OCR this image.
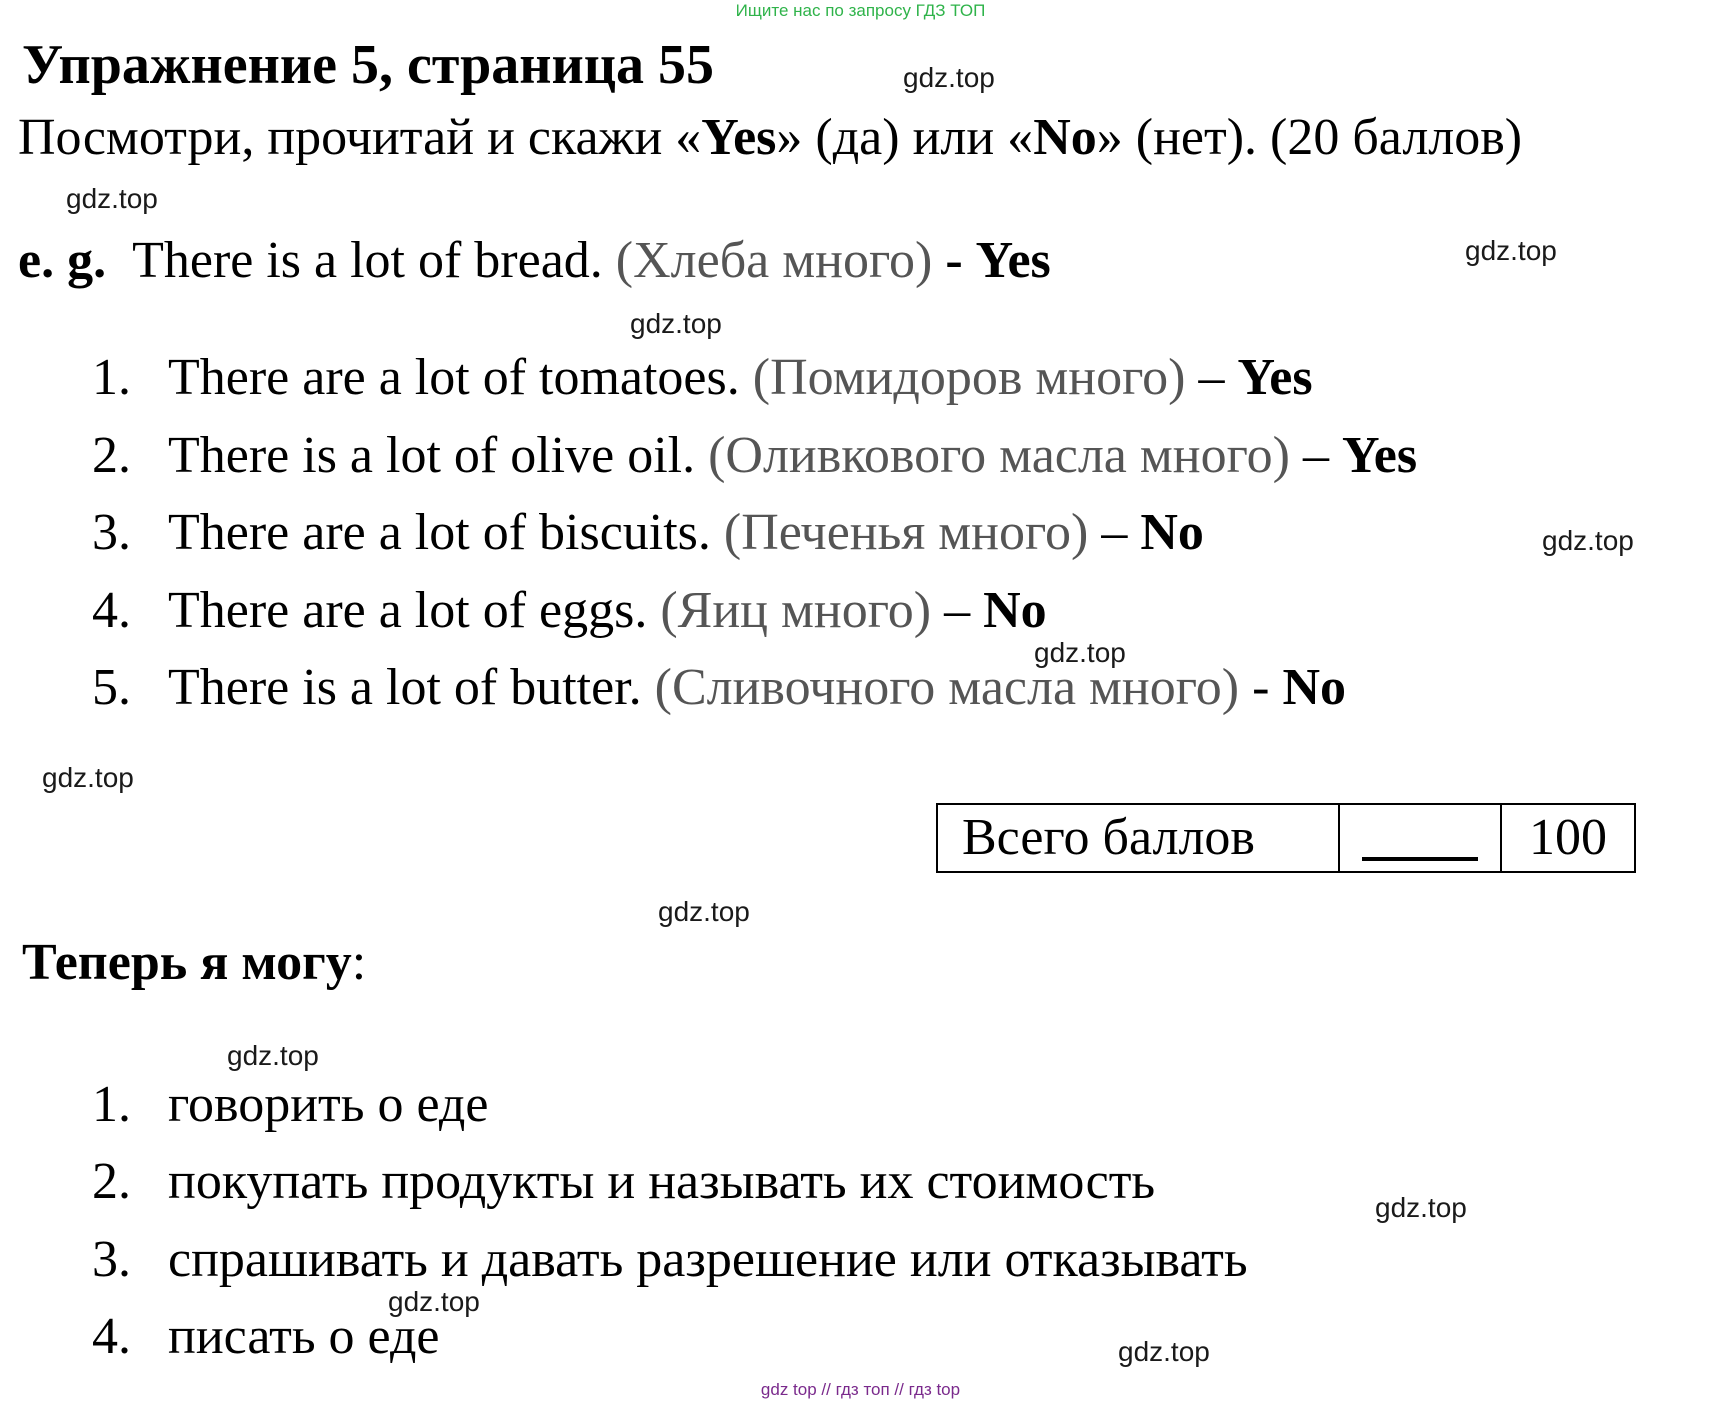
Ищите нас по запросу ГДЗ ТОП
Упражнение 5, страница 55
Посмотри, прочитай и скажи «Yes» (да) или «No» (нет). (20 баллов)
e. g. There is a lot of bread. (Хлеба много) - Yes
1. There are a lot of tomatoes. (Помидоров много) – Yes
2. There is a lot of olive oil. (Оливкового масла много) – Yes
3. There are a lot of biscuits. (Печенья много) – No
4. There are a lot of eggs. (Яиц много) – No
5. There is a lot of butter. (Сливочного масла много) - No
Всего баллов		100
Теперь я могу:
1. говорить о еде
2. покупать продукты и называть их стоимость
3. спрашивать и давать разрешение или отказывать
4. писать о еде
gdz.top
gdz.top
gdz.top
gdz.top
gdz.top
gdz.top
gdz.top
gdz.top
gdz.top
gdz.top
gdz.top
gdz.top
gdz top // гдз топ // гдз top
